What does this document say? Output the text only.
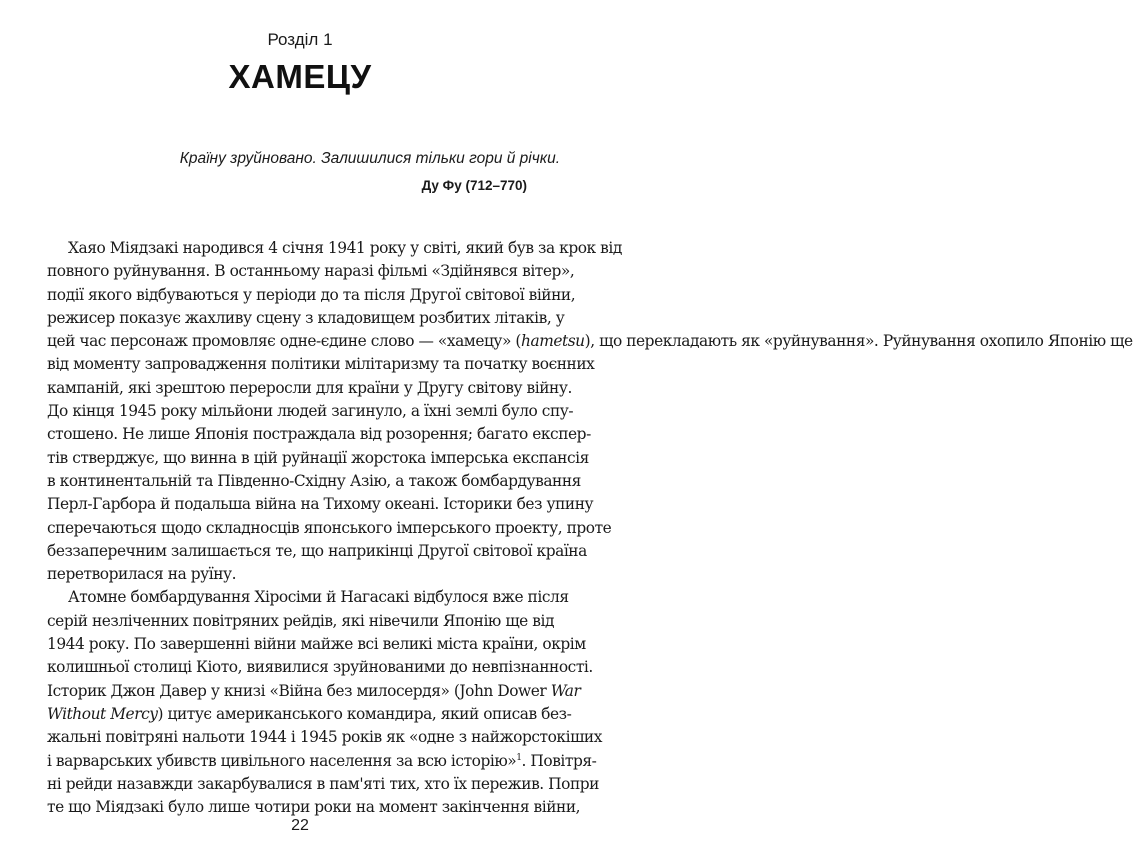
Розділ 1
ХАМЕЦУ
Країну зруйновано. Залишилися тільки гори й річки.
Ду Фу (712–770)
Хаяо Міядзакі народився 4 січня 1941 року у світі, який був за крок від
повного руйнування. В останньому наразі фільмі «Здійнявся вітер»,
події якого відбуваються у періоди до та після Другої світової війни,
режисер показує жахливу сцену з кладовищем розбитих літаків, у
цей час персонаж промовляє одне-єдине слово — «хамецу» (hametsu), що перекладають як «руйнування». Руйнування охопило Японію ще
від моменту запровадження політики мілітаризму та початку воєнних
кампаній, які зрештою переросли для країни у Другу світову війну.
До кінця 1945 року мільйони людей загинуло, а їхні землі було спу-
стошено. Не лише Японія постраждала від розорення; багато експер-
тів стверджує, що винна в цій руйнації жорстока імперська експансія
в континентальній та Південно-Східну Азію, а також бомбардування
Перл-Гарбора й подальша війна на Тихому океані. Історики без упину
сперечаються щодо складносців японського імперського проекту, проте
беззаперечним залишається те, що наприкінці Другої світової країна
перетворилася на руїну.
Атомне бомбардування Хіросіми й Нагасакі відбулося вже після
серій незліченних повітряних рейдів, які нівечили Японію ще від
1944 року. По завершенні війни майже всі великі міста країни, окрім
колишньої столиці Кіото, виявилися зруйнованими до невпізнанності.
Історик Джон Давер у книзі «Війна без милосердя» (John Dower War
Without Mercy) цитує американського командира, який описав без-
жальні повітряні нальоти 1944 і 1945 років як «одне з найжорстокіших
і варварських убивств цивільного населення за всю історію»$^1$. Повітря-
ні рейди назавжди закарбувалися в пам'яті тих, хто їх пережив. Попри
те що Міядзакі було лише чотири роки на момент закінчення війни,
22
